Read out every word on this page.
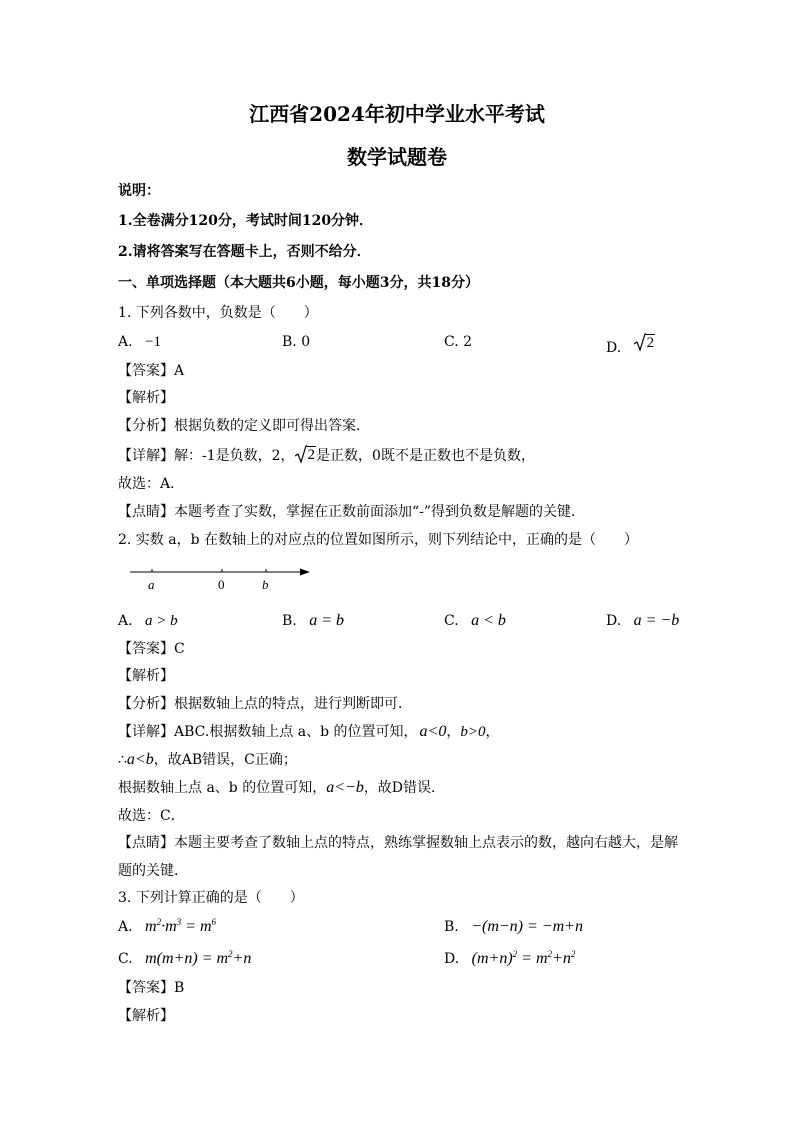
江西省2024年初中学业水平考试
数学试题卷
说明：
1.全卷满分120分，考试时间120分钟．
2.请将答案写在答题卡上，否则不给分．
一、单项选择题（本大题共6小题，每小题3分，共18分）
1. 下列各数中，负数是（　　）
A. −1	B. 0	C. 2	D. 2
【答案】A
【解析】
【分析】根据负数的定义即可得出答案．
【详解】解：-1是负数，2， 2 是正数，0既不是正数也不是负数，
故选：A．
【点睛】本题考查了实数，掌握在正数前面添加“-”得到负数是解题的关键．
2. 实数 a，b 在数轴上的对应点的位置如图所示，则下列结论中，正确的是（　　）
a	0	b
A. a > b	B. a = b	C. a < b	D. a = −b
【答案】C
【解析】
【分析】根据数轴上点的特点，进行判断即可．
【详解】ABC.根据数轴上点 a、b 的位置可知， a<0，b>0，
∴a<b，故AB错误，C正确；
根据数轴上点 a、b 的位置可知，a<−b，故D错误．
故选：C．
【点睛】本题主要考查了数轴上点的特点，熟练掌握数轴上点表示的数，越向右越大，是解
题的关键．
3. 下列计算正确的是（　　）
A. $m^2\cdot m^3 = m^6$	B. −(m−n) = −m+n
C. $m(m+n) = m^2+n$	D. $(m+n)^2 = m^2+n^2$
【答案】B
【解析】
